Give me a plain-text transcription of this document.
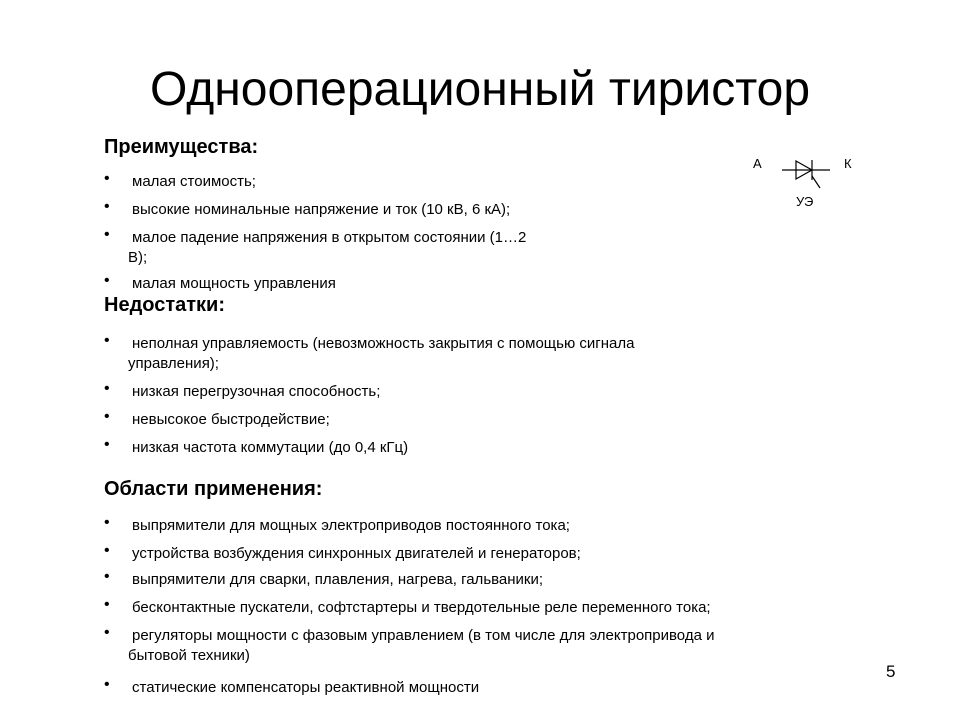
Однооперационный тиристор
Преимущества:
• малая стоимость;
• высокие номинальные напряжение и ток (10 кВ, 6 кА);
• малое падение напряжения в открытом состоянии (1…2
В);
• малая мощность управления
Недостатки:
• неполная управляемость (невозможность закрытия с помощью сигнала
управления);
• низкая перегрузочная способность;
• невысокое быстродействие;
• низкая частота коммутации (до 0,4 кГц)
Области применения:
• выпрямители для мощных электроприводов постоянного тока;
• устройства возбуждения синхронных двигателей и генераторов;
• выпрямители для сварки, плавления, нагрева, гальваники;
• бесконтактные пускатели, софтстартеры и твердотельные реле переменного тока;
• регуляторы мощности с фазовым управлением (в том числе для электропривода и
бытовой техники)
• статические компенсаторы реактивной мощности
А	К
УЭ
5
